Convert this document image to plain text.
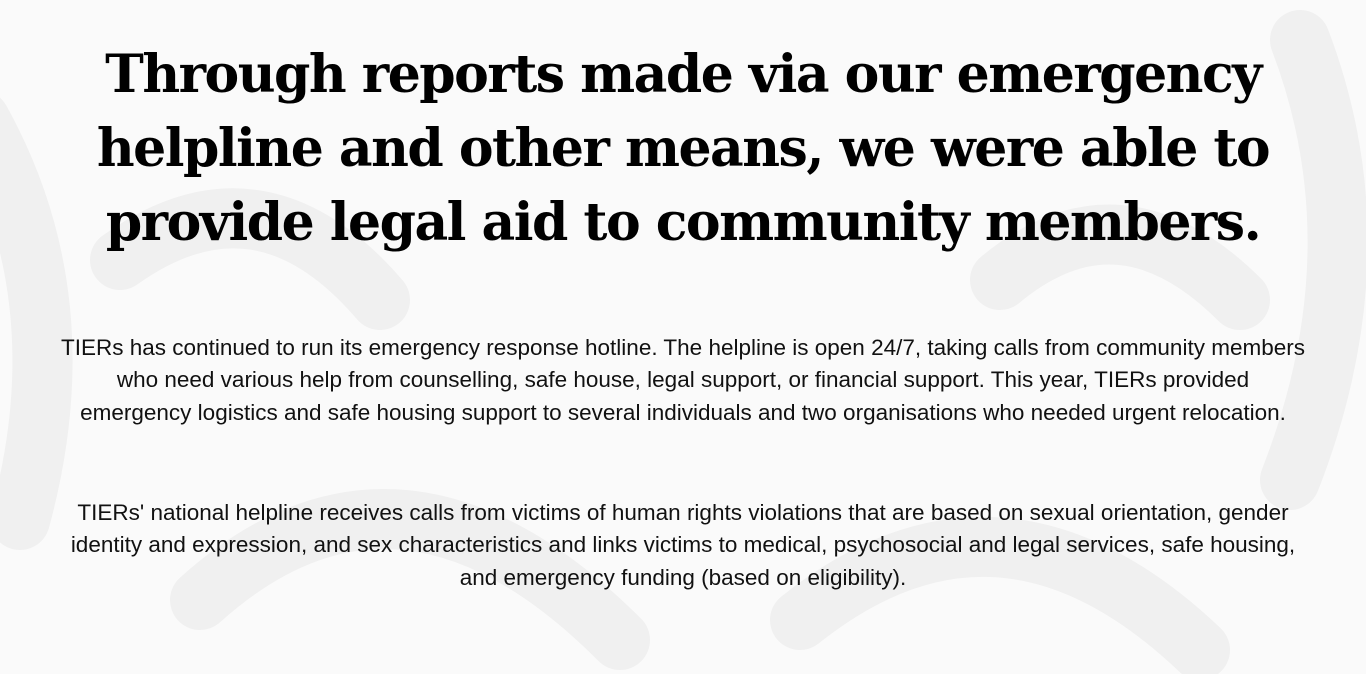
Through reports made via our emergency
helpline and other means, we were able to
provide legal aid to community members.

TIERs has continued to run its emergency response hotline. The helpline is open 24/7, taking calls from community members who need various help from counselling, safe house, legal support, or financial support. This year, TIERs provided emergency logistics and safe housing support to several individuals and two organisations who needed urgent relocation.

TIERs' national helpline receives calls from victims of human rights violations that are based on sexual orientation, gender identity and expression, and sex characteristics and links victims to medical, psychosocial and legal services, safe housing, and emergency funding (based on eligibility).
